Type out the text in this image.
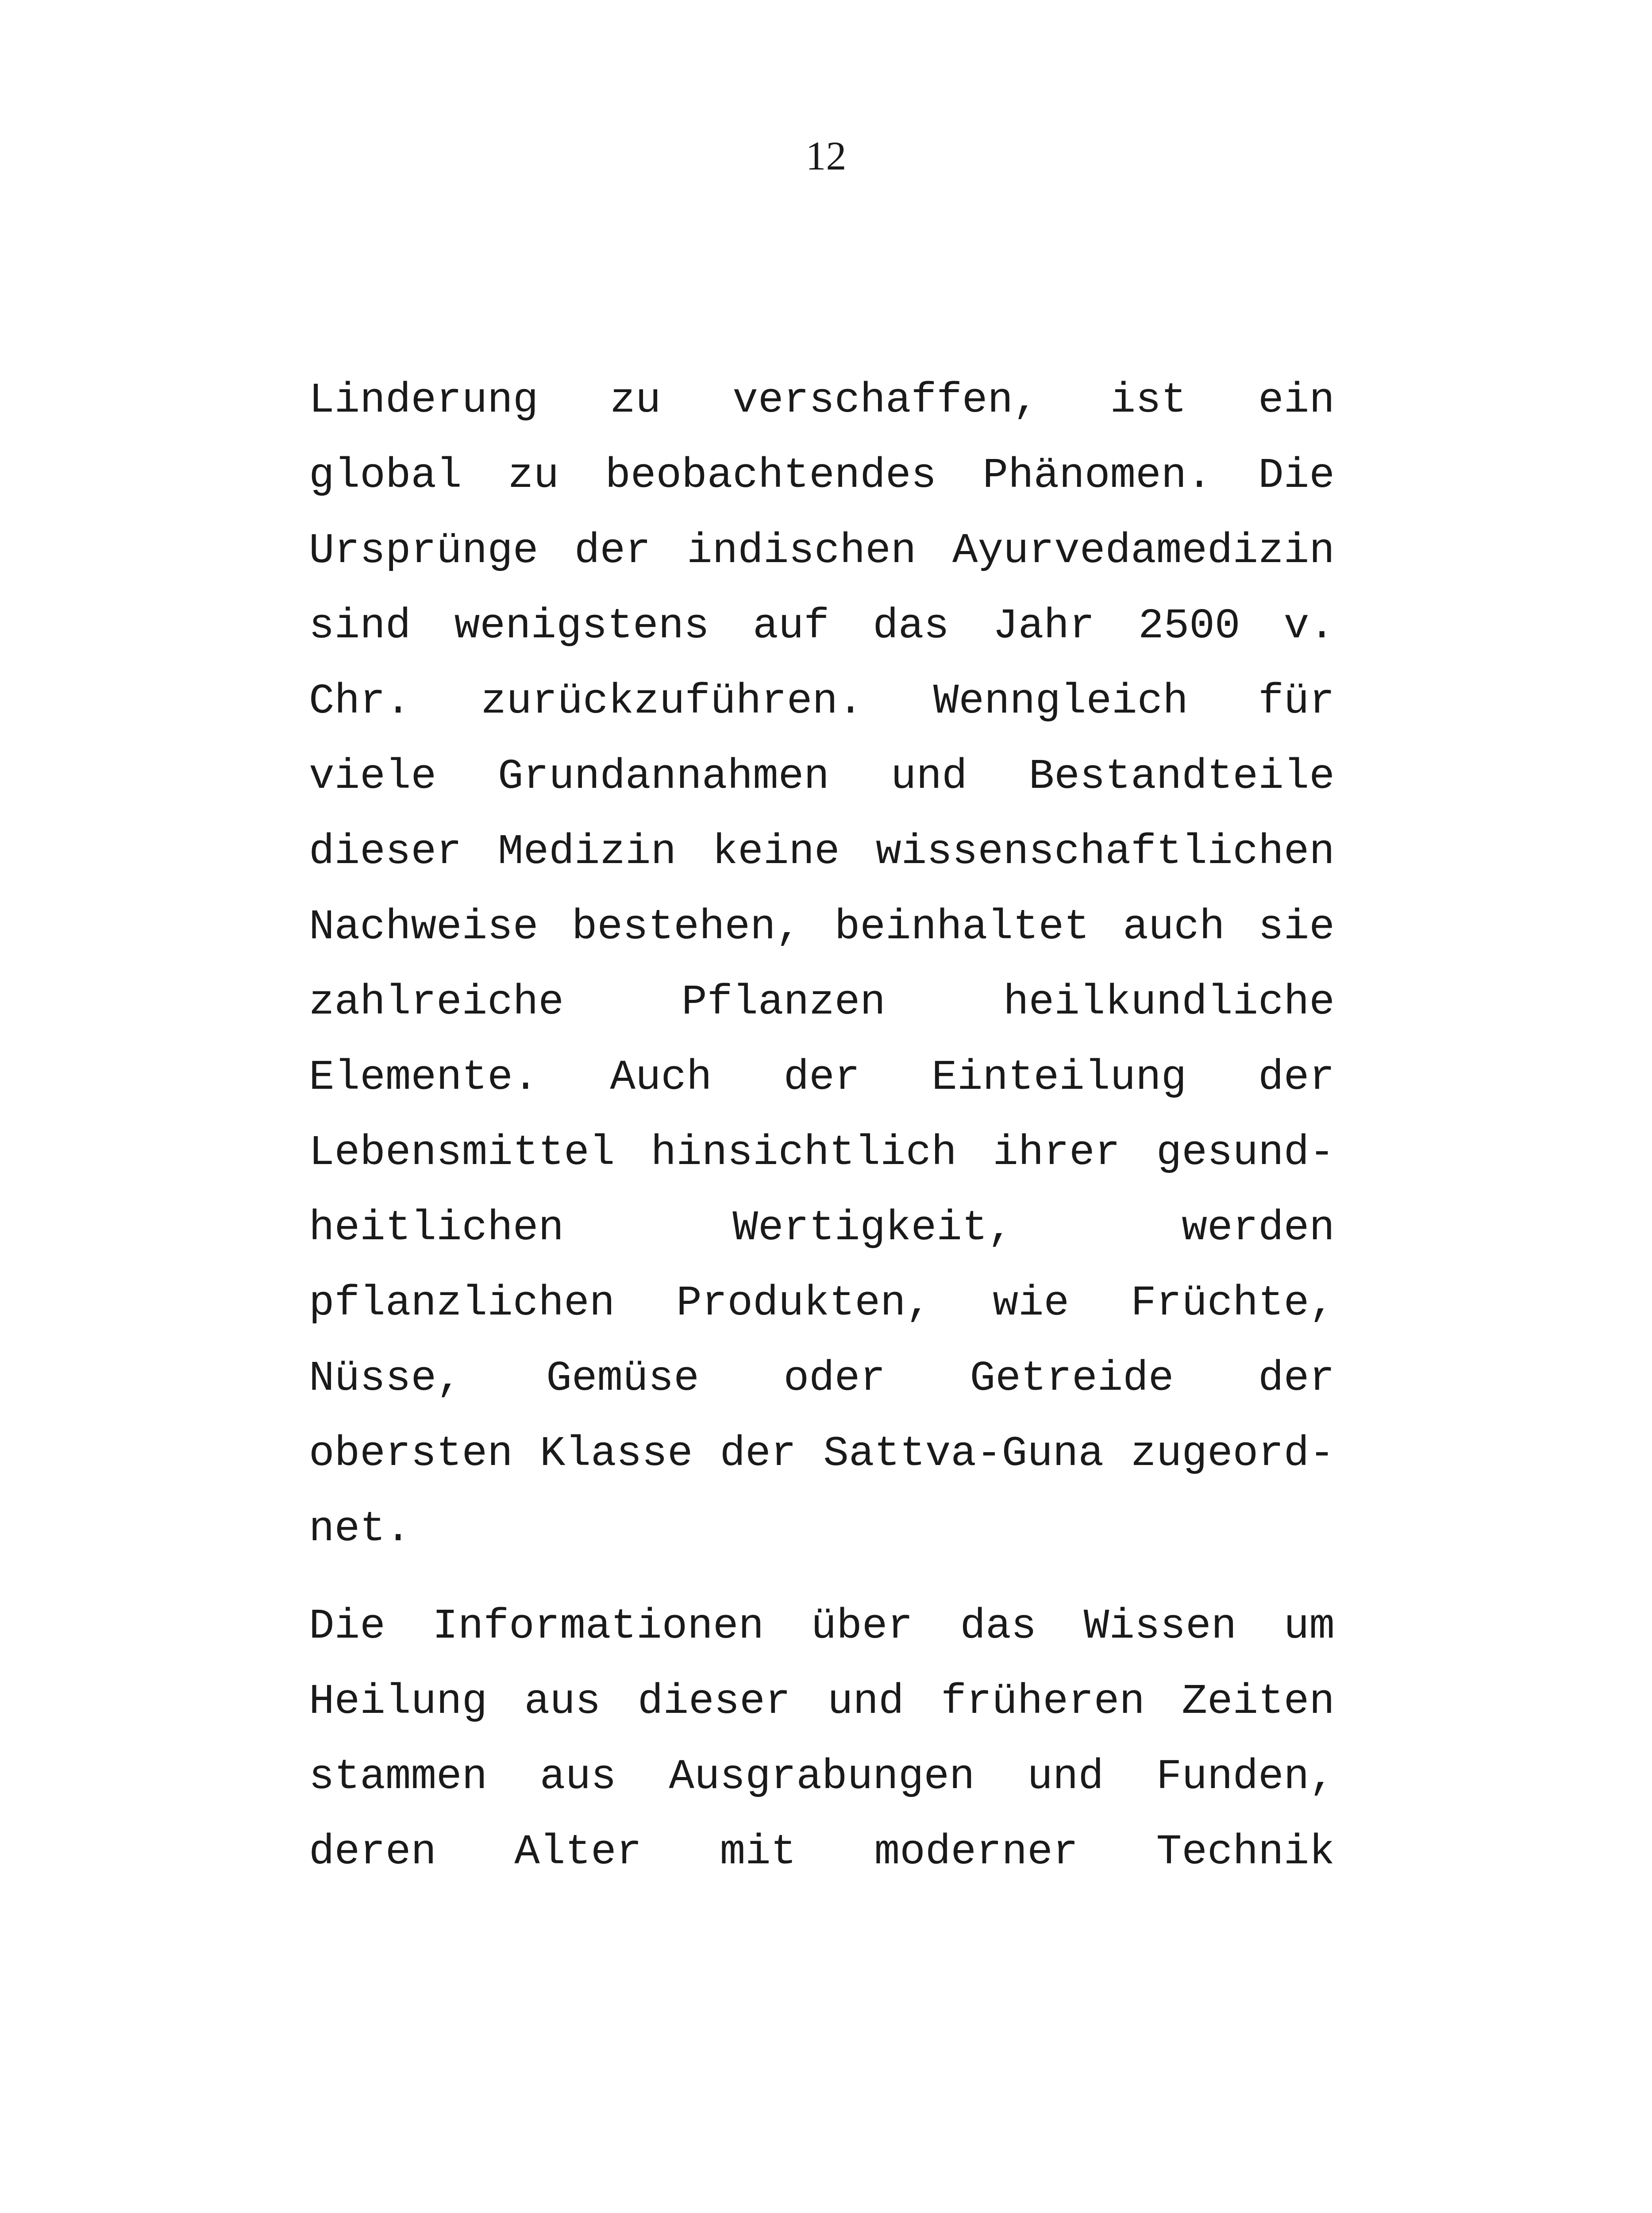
12
Linderung zu verschaffen, ist ein
global zu beobachtendes Phänomen. Die
Ursprünge der indischen Ayurvedamedizin
sind wenigstens auf das Jahr 2500 v.
Chr. zurückzuführen. Wenngleich für
viele Grundannahmen und Bestandteile
dieser Medizin keine wissenschaftlichen
Nachweise bestehen, beinhaltet auch sie
zahlreiche	Pflanzen	heilkundliche
Elemente. Auch der Einteilung der
Lebensmittel hinsichtlich ihrer gesund-
heitlichen	Wertigkeit,	werden
pflanzlichen Produkten, wie Früchte,
Nüsse, Gemüse oder Getreide der
obersten Klasse der Sattva-Guna zugeord-
net.
Die Informationen über das Wissen um
Heilung aus dieser und früheren Zeiten
stammen aus Ausgrabungen und Funden,
deren Alter mit moderner Technik
